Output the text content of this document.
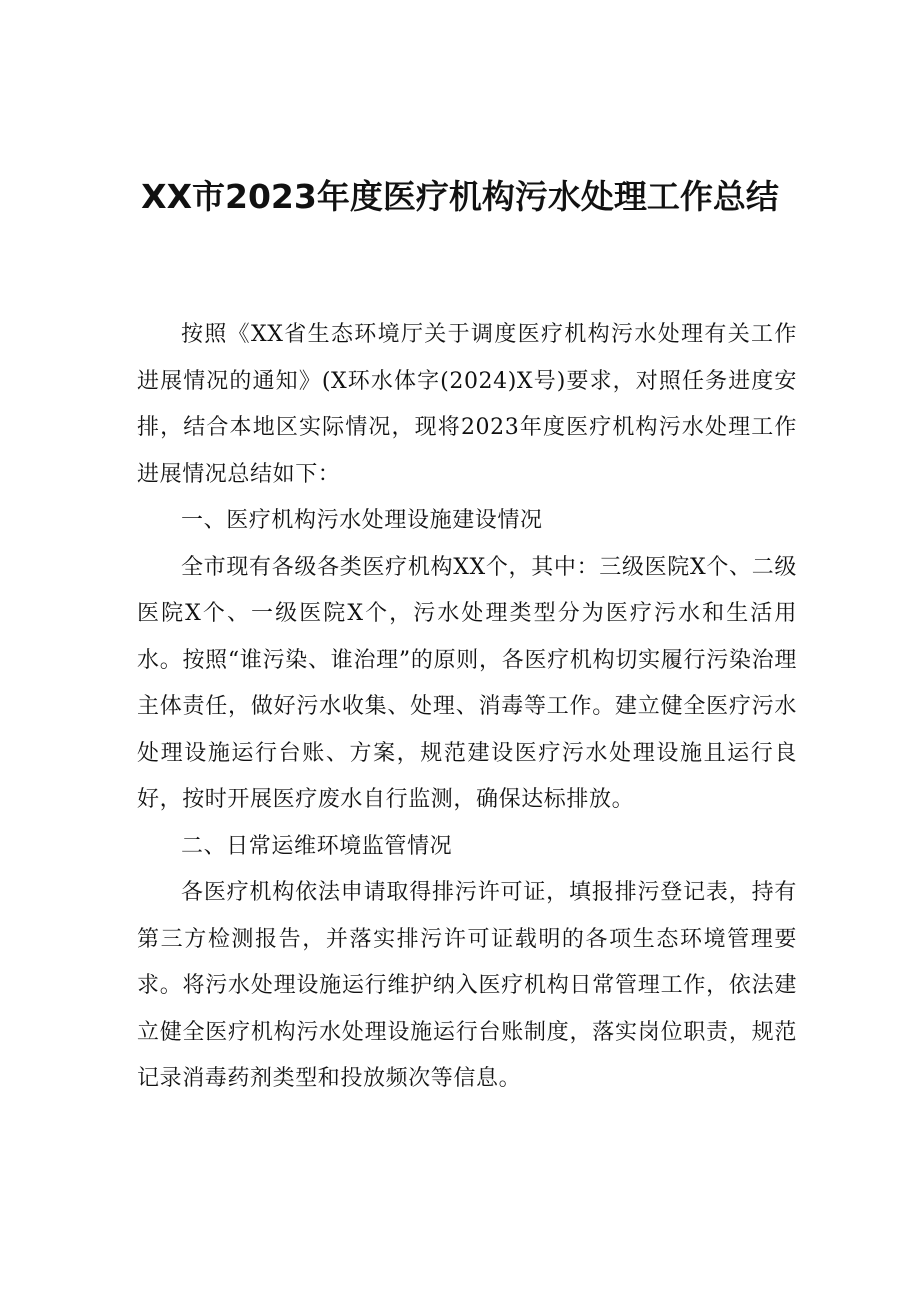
XX市2023年度医疗机构污水处理工作总结

按照《XX省生态环境厅关于调度医疗机构污水处理有关工作进展情况的通知》(X环水体字(2024)X号)要求，对照任务进度安排，结合本地区实际情况，现将2023年度医疗机构污水处理工作进展情况总结如下：

一、医疗机构污水处理设施建设情况

全市现有各级各类医疗机构XX个，其中：三级医院X个、二级医院X个、一级医院X个，污水处理类型分为医疗污水和生活用水。按照“谁污染、谁治理”的原则，各医疗机构切实履行污染治理主体责任，做好污水收集、处理、消毒等工作。建立健全医疗污水处理设施运行台账、方案，规范建设医疗污水处理设施且运行良好，按时开展医疗废水自行监测，确保达标排放。

二、日常运维环境监管情况

各医疗机构依法申请取得排污许可证，填报排污登记表，持有第三方检测报告，并落实排污许可证载明的各项生态环境管理要求。将污水处理设施运行维护纳入医疗机构日常管理工作，依法建立健全医疗机构污水处理设施运行台账制度，落实岗位职责，规范记录消毒药剂类型和投放频次等信息。
